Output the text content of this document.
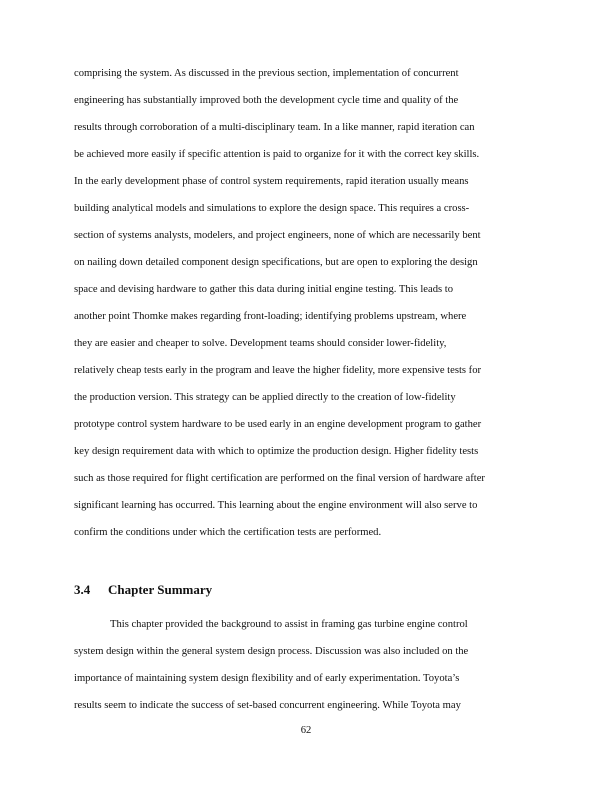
comprising the system. As discussed in the previous section, implementation of concurrent
engineering has substantially improved both the development cycle time and quality of the
results through corroboration of a multi-disciplinary team. In a like manner, rapid iteration can
be achieved more easily if specific attention is paid to organize for it with the correct key skills.
In the early development phase of control system requirements, rapid iteration usually means
building analytical models and simulations to explore the design space. This requires a cross-
section of systems analysts, modelers, and project engineers, none of which are necessarily bent
on nailing down detailed component design specifications, but are open to exploring the design
space and devising hardware to gather this data during initial engine testing. This leads to
another point Thomke makes regarding front-loading; identifying problems upstream, where
they are easier and cheaper to solve. Development teams should consider lower-fidelity,
relatively cheap tests early in the program and leave the higher fidelity, more expensive tests for
the production version. This strategy can be applied directly to the creation of low-fidelity
prototype control system hardware to be used early in an engine development program to gather
key design requirement data with which to optimize the production design. Higher fidelity tests
such as those required for flight certification are performed on the final version of hardware after
significant learning has occurred. This learning about the engine environment will also serve to
confirm the conditions under which the certification tests are performed.
3.4 Chapter Summary
This chapter provided the background to assist in framing gas turbine engine control
system design within the general system design process. Discussion was also included on the
importance of maintaining system design flexibility and of early experimentation. Toyota’s
results seem to indicate the success of set-based concurrent engineering. While Toyota may
62
